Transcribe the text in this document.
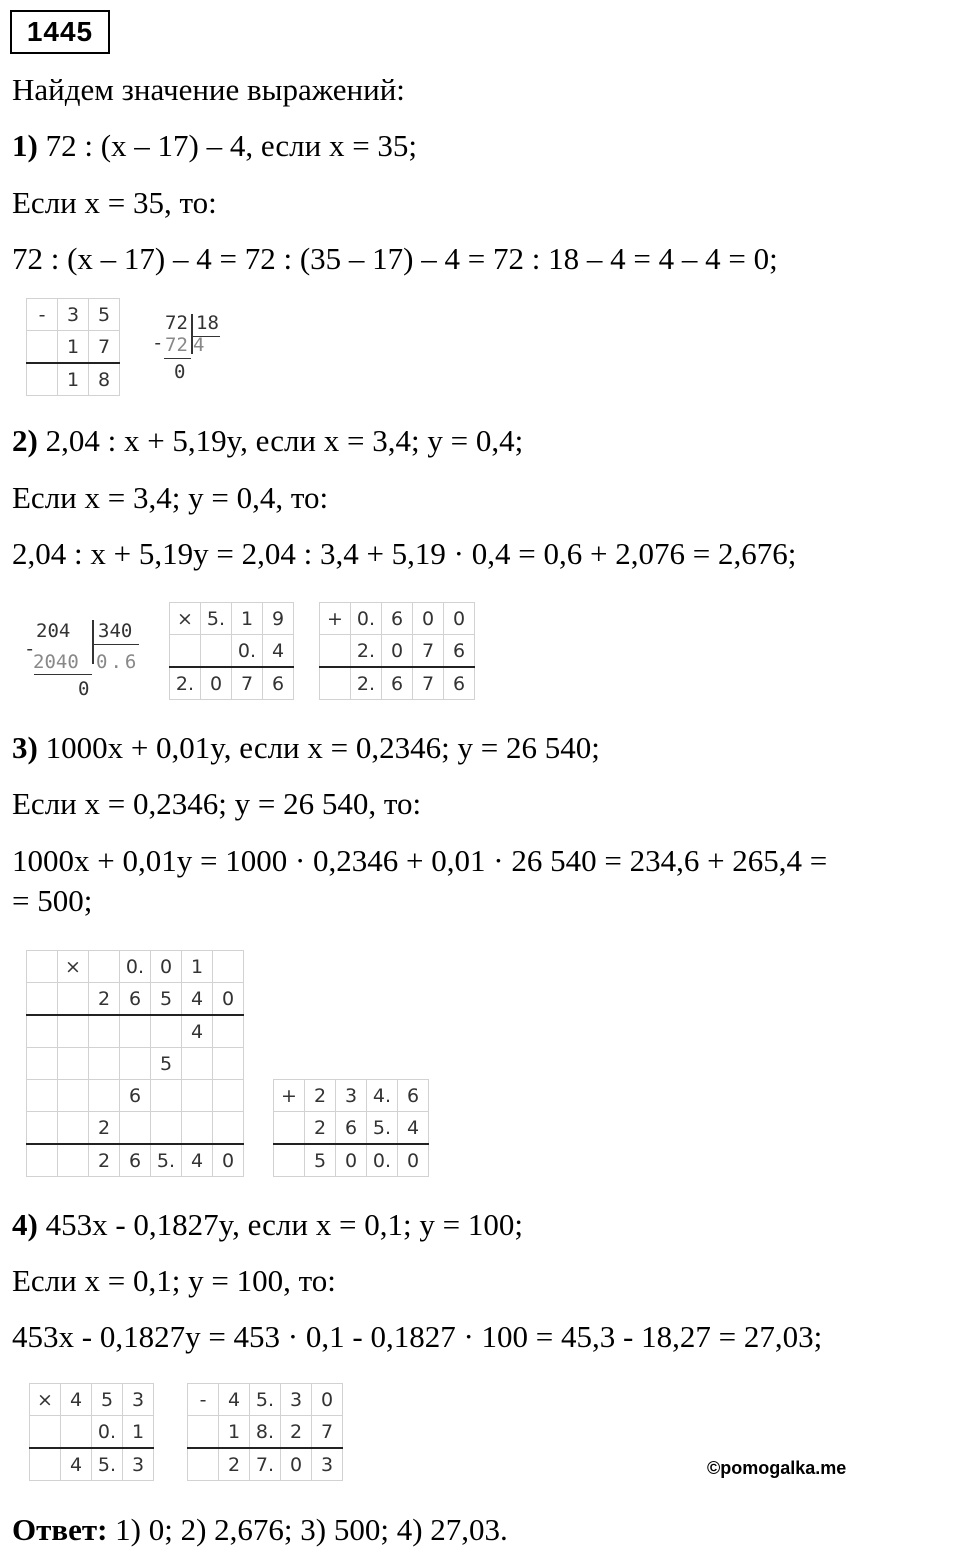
1445
Найдем значение выражений:
1) 72 : (x – 17) – 4, если x = 35;
Если x = 35, то:
72 : (x – 17) – 4 = 72 : (35 – 17) – 4 = 72 : 18 – 4 = 4 – 4 = 0;
-	3	5
	1	7
	1	8
72 18
- 72 4
0
2) 2,04 : x + 5,19y, если x = 3,4; y = 0,4;
Если x = 3,4; y = 0,4, то:
2,04 : x + 5,19y = 2,04 : 3,4 + 5,19 · 0,4 = 0,6 + 2,076 = 2,676;
204 340
-
2040 0.6
0
×	5.	1	9
		0.	4
2.	0	7	6
+	0.	6	0	0
	2.	0	7	6
	2.	6	7	6
3) 1000x + 0,01y, если x = 0,2346; y = 26 540;
Если x = 0,2346; y = 26 540, то:
1000x + 0,01y = 1000 · 0,2346 + 0,01 · 26 540 = 234,6 + 265,4 =
= 500;
	×		0.	0	1	
		2	6	5	4	0
					4	
				5		
			6			
		2				
		2	6	5.	4	0
+	2	3	4.	6
	2	6	5.	4
	5	0	0.	0
4) 453x - 0,1827y, если x = 0,1; y = 100;
Если x = 0,1; y = 100, то:
453x - 0,1827y = 453 · 0,1 - 0,1827 · 100 = 45,3 - 18,27 = 27,03;
×	4	5	3
		0.	1
	4	5.	3
-	4	5.	3	0
	1	8.	2	7
	2	7.	0	3	©pomogalka.me
Ответ: 1) 0; 2) 2,676; 3) 500; 4) 27,03.
